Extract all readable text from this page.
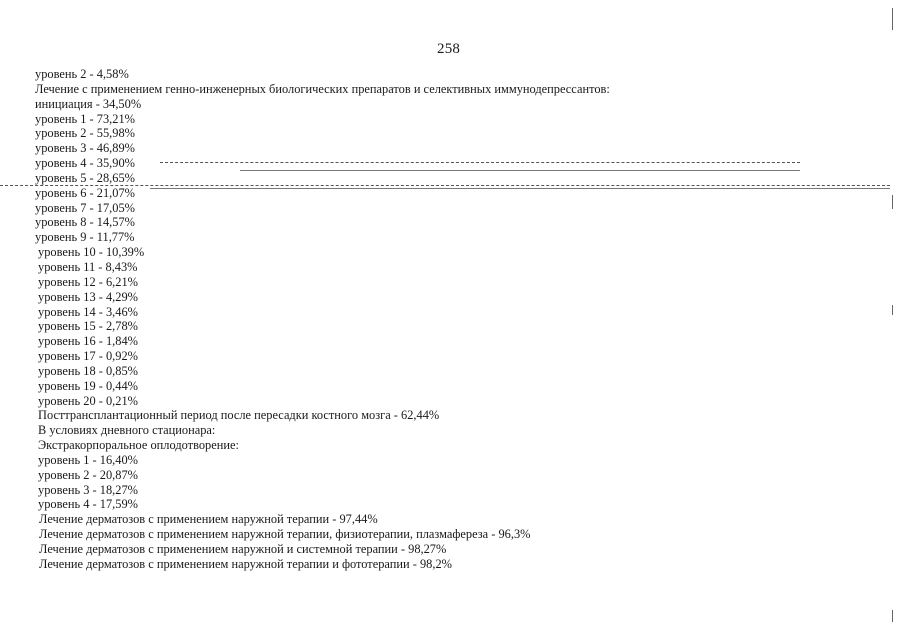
258
уровень 2 - 4,58%
Лечение с применением генно-инженерных биологических препаратов и селективных иммунодепрессантов:
инициация - 34,50%
уровень 1 - 73,21%
уровень 2 - 55,98%
уровень 3 - 46,89%
уровень 4 - 35,90%
уровень 5 - 28,65%
уровень 6 - 21,07%
уровень 7 - 17,05%
уровень 8 - 14,57%
уровень 9 - 11,77%
уровень 10 - 10,39%
уровень 11 - 8,43%
уровень 12 - 6,21%
уровень 13 - 4,29%
уровень 14 - 3,46%
уровень 15 - 2,78%
уровень 16 - 1,84%
уровень 17 - 0,92%
уровень 18 - 0,85%
уровень 19 - 0,44%
уровень 20 - 0,21%
Посттрансплантационный период после пересадки костного мозга - 62,44%
В условиях дневного стационара:
Экстракорпоральное оплодотворение:
уровень 1 - 16,40%
уровень 2 - 20,87%
уровень 3 - 18,27%
уровень 4 - 17,59%
Лечение дерматозов с применением наружной терапии - 97,44%
Лечение дерматозов с применением наружной терапии, физиотерапии, плазмафереза - 96,3%
Лечение дерматозов с применением наружной и системной терапии - 98,27%
Лечение дерматозов с применением наружной терапии и фототерапии - 98,2%
